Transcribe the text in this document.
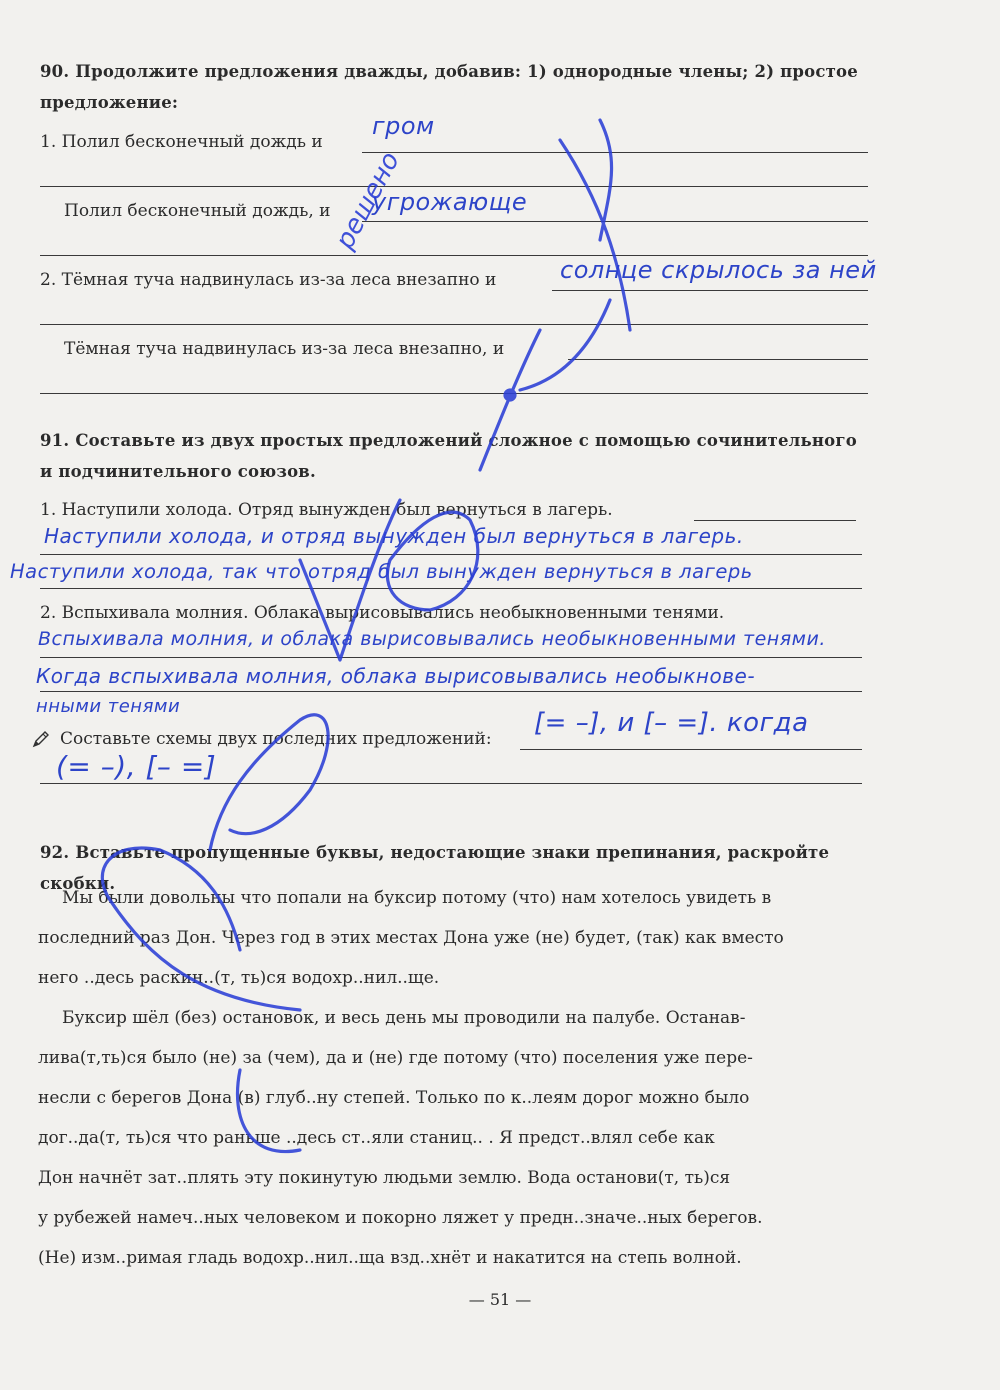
90. Продолжите предложения дважды, добавив: 1) однородные члены; 2) простое предложение:
1. Полил бесконечный дождь и
Полил бесконечный дождь, и
2. Тёмная туча надвинулась из-за леса внезапно и
Тёмная туча надвинулась из-за леса внезапно, и
гром
угрожающе
солнце скрылось за ней
91. Составьте из двух простых предложений сложное с помощью сочинительного и подчинительного союзов.
1. Наступили холода. Отряд вынужден был вернуться в лагерь.
Наступили холода, и отряд вынужден был вернуться в лагерь.
Наступили холода, так что отряд был вынужден вернуться в лагерь
2. Вспыхивала молния. Облака вырисовывались необыкновенными тенями.
Вспыхивала молния, и облака вырисовывались необыкновенными тенями.
Когда вспыхивала молния, облака вырисовывались необыкнове-
нными тенями
Составьте схемы двух последних предложений:
[= –], и [– =]. когда
(= –), [– =]
92. Вставьте пропущенные буквы, недостающие знаки препинания, раскройте скобки.
Мы были довольны что попали на буксир потому (что) нам хотелось увидеть в
последний раз Дон. Через год в этих местах Дона уже (не) будет, (так) как вместо
него ..десь раскин..(т, ть)ся водохр..нил..ще.
Буксир шёл (без) остановок, и весь день мы проводили на палубе. Останав-
лива(т,ть)ся было (не) за (чем), да и (не) где потому (что) поселения уже пере-
несли с берегов Дона (в) глуб..ну степей. Только по к..леям дорог можно было
дог..да(т, ть)ся что раньше ..десь ст..яли станиц.. . Я предст..влял себе как
Дон начнёт зат..плять эту покинутую людьми землю. Вода останови(т, ть)ся
у рубежей намеч..ных человеком и покорно ляжет у предн..значе..ных берегов.
(Не) изм..римая гладь водохр..нил..ща взд..хнёт и накатится на степь волной.
— 51 —
решено
